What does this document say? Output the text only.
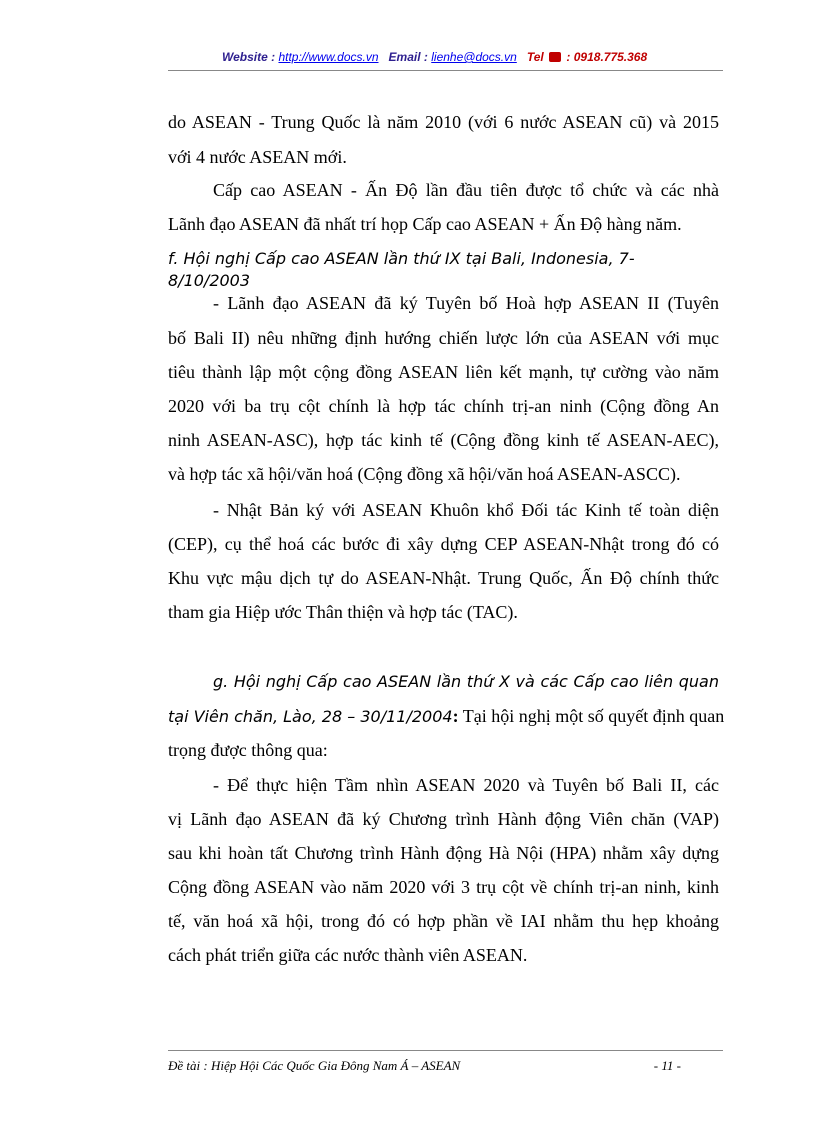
Website : http://www.docs.vn Email : lienhe@docs.vn Tel : 0918.775.368

do ASEAN - Trung Quốc là năm 2010 (với 6 nước ASEAN cũ) và 2015

với 4 nước ASEAN mới.

Cấp cao ASEAN - Ấn Độ lần đầu tiên được tổ chức và các nhà

Lãnh đạo ASEAN đã nhất trí họp Cấp cao ASEAN + Ấn Độ hàng năm.

f. Hội nghị Cấp cao ASEAN lần thứ IX tại Bali, Indonesia, 7-

8/10/2003

- Lãnh đạo ASEAN đã ký Tuyên bố Hoà hợp ASEAN II (Tuyên

bố Bali II) nêu những định hướng chiến lược lớn của ASEAN với mục

tiêu thành lập một cộng đồng ASEAN liên kết mạnh, tự cường vào năm

2020 với ba trụ cột chính là hợp tác chính trị-an ninh (Cộng đồng An

ninh ASEAN-ASC), hợp tác kinh tế (Cộng đồng kinh tế ASEAN-AEC),

và hợp tác xã hội/văn hoá (Cộng đồng xã hội/văn hoá ASEAN-ASCC).

- Nhật Bản ký với ASEAN Khuôn khổ Đối tác Kinh tế toàn diện

(CEP), cụ thể hoá các bước đi xây dựng CEP ASEAN-Nhật trong đó có

Khu vực mậu dịch tự do ASEAN-Nhật. Trung Quốc, Ấn Độ chính thức

tham gia Hiệp ước Thân thiện và hợp tác (TAC).

g. Hội nghị Cấp cao ASEAN lần thứ X và các Cấp cao liên quan

tại Viên chăn, Lào, 28 – 30/11/2004: Tại hội nghị một số quyết định quan

trọng được thông qua:

- Để thực hiện Tầm nhìn ASEAN 2020 và Tuyên bố Bali II, các

vị Lãnh đạo ASEAN đã ký Chương trình Hành động Viên chăn (VAP)

sau khi hoàn tất Chương trình Hành động Hà Nội (HPA) nhằm xây dựng

Cộng đồng ASEAN vào năm 2020 với 3 trụ cột về chính trị-an ninh, kinh

tế, văn hoá xã hội, trong đó có hợp phần về IAI nhằm thu hẹp khoảng

cách phát triển giữa các nước thành viên ASEAN.

Đề tài : Hiệp Hội Các Quốc Gia Đông Nam Á – ASEAN	- 11 -
